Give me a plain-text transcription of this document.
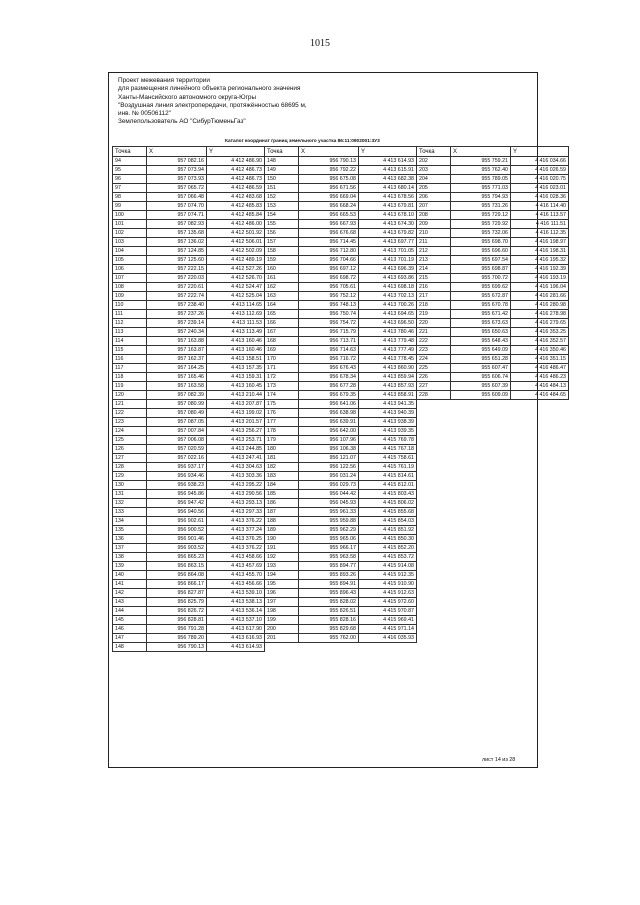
1015
Проект межевания территории
для размещения линейного объекта регионального значения
Ханты-Мансийского автономного округа-Югры
"Воздушная линия электропередачи, протяжённостью 68695 м,
инв. № 00506112"
Землепользователь АО "СибурТюменьГаз"
Каталог координат границ земельного участка 86:11:0902001:3У3
Точка	X	Y
94	957 082.16	4 412 486.90
95	957 073.94	4 412 486.73
96	957 073.93	4 412 486.73
97	957 065.72	4 412 486.59
98	957 066.48	4 412 483.68
99	957 074.70	4 412 485.83
100	957 074.71	4 412 485.84
101	957 082.93	4 412 486.00
102	957 135.68	4 412 501.92
103	957 136.02	4 412 506.01
104	957 124.85	4 412 502.09
105	957 125.60	4 412 489.19
106	957 222.15	4 412 527.26
107	957 220.03	4 412 526.70
108	957 220.61	4 412 524.47
109	957 222.74	4 412 525.04
110	957 238.40	4 413 114.65
111	957 237.26	4 413 112.69
112	957 239.14	4 413 111.53
113	957 240.34	4 413 113.49
114	957 163.88	4 413 160.46
115	957 163.87	4 413 160.46
116	957 162.37	4 413 158.51
117	957 164.25	4 413 157.35
118	957 165.46	4 413 159.31
119	957 163.58	4 413 160.45
120	957 082.39	4 413 210.44
121	957 080.99	4 413 207.87
122	957 080.49	4 413 199.02
123	957 087.05	4 413 201.57
124	957 007.84	4 413 256.27
125	957 006.08	4 413 253.71
126	957 020.59	4 413 244.85
127	957 022.16	4 413 247.41
128	956 937.17	4 413 304.63
129	956 934.46	4 413 303.36
130	956 938.23	4 413 295.22
131	956 945.86	4 413 290.56
132	956 947.42	4 413 293.13
133	956 940.56	4 413 297.33
134	956 902.61	4 413 376.22
135	956 900.52	4 413 377.24
136	956 901.46	4 413 376.25
137	956 903.52	4 413 376.22
138	956 865.23	4 413 458.66
139	956 863.15	4 413 457.69
140	956 864.08	4 413 455.70
141	956 866.17	4 413 456.66
142	956 827.87	4 413 539.10
143	956 825.79	4 413 538.13
144	956 826.72	4 413 536.14
145	956 828.81	4 413 537.10
146	956 791.28	4 413 617.90
147	956 789.20	4 413 616.93
148	956 790.13	4 413 614.93
Точка	X	Y
148	956 790.13	4 413 614.93
149	956 792.22	4 413 615.91
150	956 675.08	4 413 682.38
151	956 671.56	4 413 680.14
152	956 669.04	4 413 678.56
153	956 668.24	4 413 679.81
154	956 665.53	4 413 678.10
155	956 667.93	4 413 674.30
156	956 676.68	4 413 679.82
157	956 714.45	4 413 697.77
158	956 712.80	4 413 701.05
159	956 704.66	4 413 701.19
160	956 697.12	4 413 696.39
161	956 698.72	4 413 693.86
162	956 705.61	4 413 698.18
163	956 752.12	4 413 702.13
164	956 748.13	4 413 700.26
165	956 750.74	4 413 694.65
166	956 754.72	4 413 696.50
167	956 715.79	4 413 780.46
168	956 713.71	4 413 779.48
169	956 714.63	4 413 777.49
170	956 716.72	4 413 778.45
171	956 676.43	4 413 860.90
172	956 678.34	4 413 859.94
173	956 677.28	4 413 857.93
174	956 679.35	4 413 858.91
175	956 641.06	4 413 941.35
176	956 638.98	4 413 940.39
177	956 639.91	4 413 938.39
178	956 642.00	4 413 939.35
179	956 107.96	4 415 769.78
180	956 106.38	4 415 767.18
181	956 121.07	4 415 758.61
182	956 122.56	4 415 761.19
183	956 031.24	4 415 814.61
184	956 029.73	4 415 812.01
185	956 044.42	4 415 803.43
186	956 045.93	4 415 806.02
187	955 961.33	4 415 855.68
188	955 959.88	4 415 854.03
189	955 962.29	4 415 851.92
190	955 965.06	4 415 850.30
191	955 966.17	4 415 852.20
192	955 963.58	4 415 853.72
193	955 894.77	4 415 914.08
194	955 893.26	4 415 912.35
195	955 894.91	4 415 910.90
196	955 896.43	4 415 912.63
197	955 828.02	4 415 972.60
198	955 826.51	4 415 970.87
199	955 828.16	4 415 969.41
200	955 829.68	4 415 971.14
201	955 762.00	4 416 035.93
Точка	X	Y
202	955 759.21	4 416 034.66
203	955 762.40	4 416 026.59
204	955 789.05	4 416 020.75
205	955 771.03	4 416 023.01
206	955 794.93	4 416 028.36
207	955 731.26	4 416 114.40
208	955 729.12	4 416 113.57
209	955 729.92	4 416 111.51
210	955 732.06	4 416 112.35
211	955 698.70	4 416 198.97
212	955 696.60	4 416 198.31
213	955 697.54	4 416 195.32
214	955 698.87	4 416 192.39
215	955 700.72	4 416 193.19
216	955 699.62	4 416 196.04
217	955 672.87	4 416 281.66
218	955 670.78	4 416 280.98
219	955 671.42	4 416 278.98
220	955 673.63	4 416 279.65
221	955 650.63	4 416 353.25
222	955 648.43	4 416 352.57
223	955 649.09	4 416 350.46
224	955 651.28	4 416 351.15
225	955 607.47	4 416 486.47
226	955 606.74	4 416 486.23
227	955 607.39	4 416 484.13
228	955 609.09	4 416 484.65
лист 14 из 28
